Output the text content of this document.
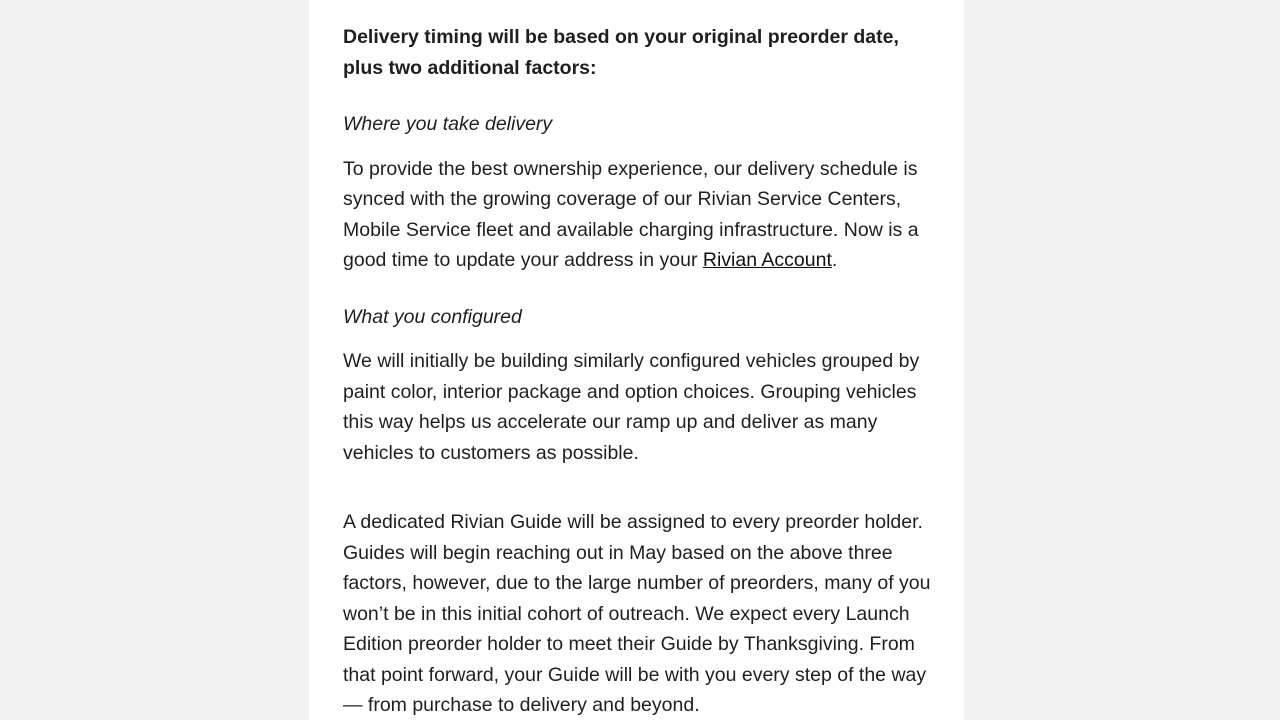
Delivery timing will be based on your original preorder date, plus two additional factors:

Where you take delivery

To provide the best ownership experience, our delivery schedule is synced with the growing coverage of our Rivian Service Centers, Mobile Service fleet and available charging infrastructure. Now is a good time to update your address in your Rivian Account.

What you configured

We will initially be building similarly configured vehicles grouped by paint color, interior package and option choices. Grouping vehicles this way helps us accelerate our ramp up and deliver as many vehicles to customers as possible.

A dedicated Rivian Guide will be assigned to every preorder holder. Guides will begin reaching out in May based on the above three factors, however, due to the large number of preorders, many of you won’t be in this initial cohort of outreach. We expect every Launch Edition preorder holder to meet their Guide by Thanksgiving. From that point forward, your Guide will be with you every step of the way — from purchase to delivery and beyond.
